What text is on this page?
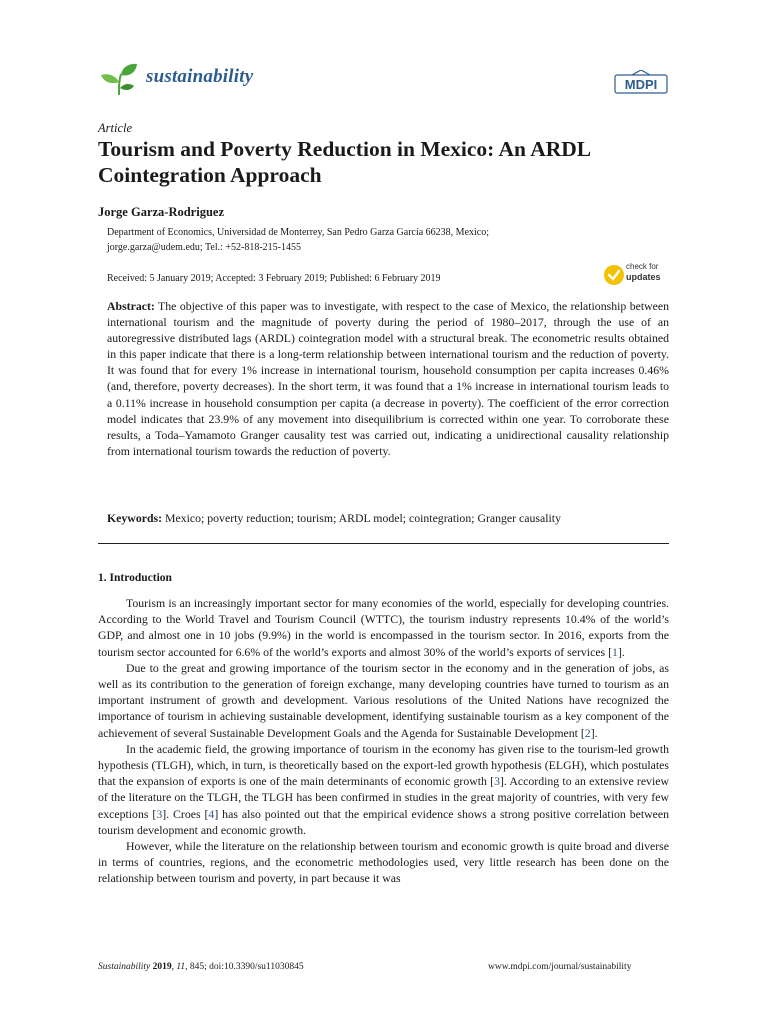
sustainability	MDPI
Article
Tourism and Poverty Reduction in Mexico: An ARDL Cointegration Approach
Jorge Garza-Rodriguez
Department of Economics, Universidad de Monterrey, San Pedro Garza García 66238, Mexico;
jorge.garza@udem.edu; Tel.: +52-818-215-1455
Received: 5 January 2019; Accepted: 3 February 2019; Published: 6 February 2019
check for
updates
Abstract: The objective of this paper was to investigate, with respect to the case of Mexico, the relationship between international tourism and the magnitude of poverty during the period of 1980–2017, through the use of an autoregressive distributed lags (ARDL) cointegration model with a structural break. The econometric results obtained in this paper indicate that there is a long-term relationship between international tourism and the reduction of poverty. It was found that for every 1% increase in international tourism, household consumption per capita increases 0.46% (and, therefore, poverty decreases). In the short term, it was found that a 1% increase in international tourism leads to a 0.11% increase in household consumption per capita (a decrease in poverty). The coefficient of the error correction model indicates that 23.9% of any movement into disequilibrium is corrected within one year. To corroborate these results, a Toda–Yamamoto Granger causality test was carried out, indicating a unidirectional causality relationship from international tourism towards the reduction of poverty.
Keywords: Mexico; poverty reduction; tourism; ARDL model; cointegration; Granger causality
1. Introduction

Tourism is an increasingly important sector for many economies of the world, especially for developing countries. According to the World Travel and Tourism Council (WTTC), the tourism industry represents 10.4% of the world’s GDP, and almost one in 10 jobs (9.9%) in the world is encompassed in the tourism sector. In 2016, exports from the tourism sector accounted for 6.6% of the world’s exports and almost 30% of the world’s exports of services [1].

Due to the great and growing importance of the tourism sector in the economy and in the generation of jobs, as well as its contribution to the generation of foreign exchange, many developing countries have turned to tourism as an important instrument of growth and development. Various resolutions of the United Nations have recognized the importance of tourism in achieving sustainable development, identifying sustainable tourism as a key component of the achievement of several Sustainable Development Goals and the Agenda for Sustainable Development [2].

In the academic field, the growing importance of tourism in the economy has given rise to the tourism-led growth hypothesis (TLGH), which, in turn, is theoretically based on the export-led growth hypothesis (ELGH), which postulates that the expansion of exports is one of the main determinants of economic growth [3]. According to an extensive review of the literature on the TLGH, the TLGH has been confirmed in studies in the great majority of countries, with very few exceptions [3]. Croes [4] has also pointed out that the empirical evidence shows a strong positive correlation between tourism development and economic growth.

However, while the literature on the relationship between tourism and economic growth is quite broad and diverse in terms of countries, regions, and the econometric methodologies used, very little research has been done on the relationship between tourism and poverty, in part because it was

Sustainability 2019, 11, 845; doi:10.3390/su11030845	www.mdpi.com/journal/sustainability
